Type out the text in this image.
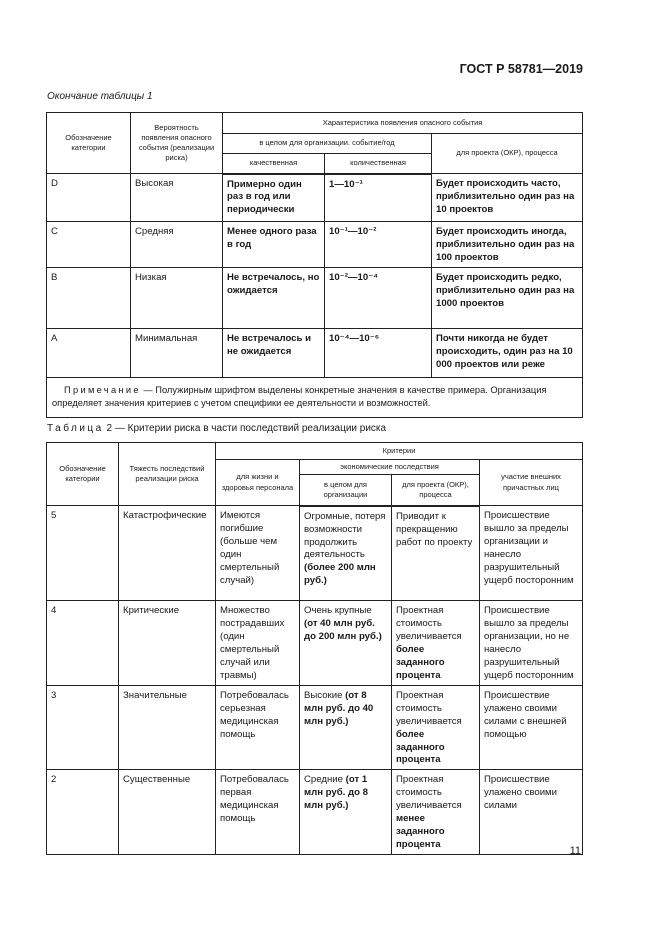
ГОСТ Р 58781—2019
Окончание таблицы 1
Обозначение категории	Вероятность появления опасного события (реализации риска)	Характеристика появления опасного события		
		в целом для организации. событие/год		для проекта (ОКР), процесса
		качественная	количественная	
D	Высокая	Примерно один раз в год или периодически	1—10⁻¹	Будет происходить часто, приблизительно один раз на 10 проектов
C	Средняя	Менее одного раза в год	10⁻¹—10⁻²	Будет происходить иногда, приблизительно один раз на 100 проектов
B	Низкая	Не встречалось, но ожидается	10⁻²—10⁻⁴	Будет происходить редко, приблизительно один раз на 1000 проектов
A	Минимальная	Не встречалось и не ожидается	10⁻⁴—10⁻⁶	Почти никогда не будет происходить, один раз на 10 000 проектов или реже
Примечание — Полужирным шрифтом выделены конкретные значения в качестве примера. Организация определяет значения критериев с учетом специфики ее деятельности и возможностей.				
Таблица 2 — Критерии риска в части последствий реализации риска
Обозначение категории	Тяжесть последствий реализации риска	Критерии			
		для жизни и здоровья персонала	экономические последствия		участие внешних причастных лиц
			в целом для организации	для проекта (ОКР), процесса	
5	Катастрофические	Имеются погибшие (больше чем один смертельный случай)	Огромные, потеря возможности продолжить деятельность (более 200 млн руб.)	Приводит к прекращению работ по проекту	Происшествие вышло за пределы организации и нанесло разрушительный ущерб посторонним
4	Критические	Множество пострадавших (один смертельный случай или травмы)	Очень крупные (от 40 млн руб. до 200 млн руб.)	Проектная стоимость увеличивается более заданного процента	Происшествие вышло за пределы организации, но не нанесло разрушительный ущерб посторонним
3	Значительные	Потребовалась серьезная медицинская помощь	Высокие (от 8 млн руб. до 40 млн руб.)	Проектная стоимость увеличивается более заданного процента	Происшествие улажено своими силами с внешней помощью
2	Существенные	Потребовалась первая медицинская помощь	Средние (от 1 млн руб. до 8 млн руб.)	Проектная стоимость увеличивается менее заданного процента	Происшествие улажено своими силами
11
